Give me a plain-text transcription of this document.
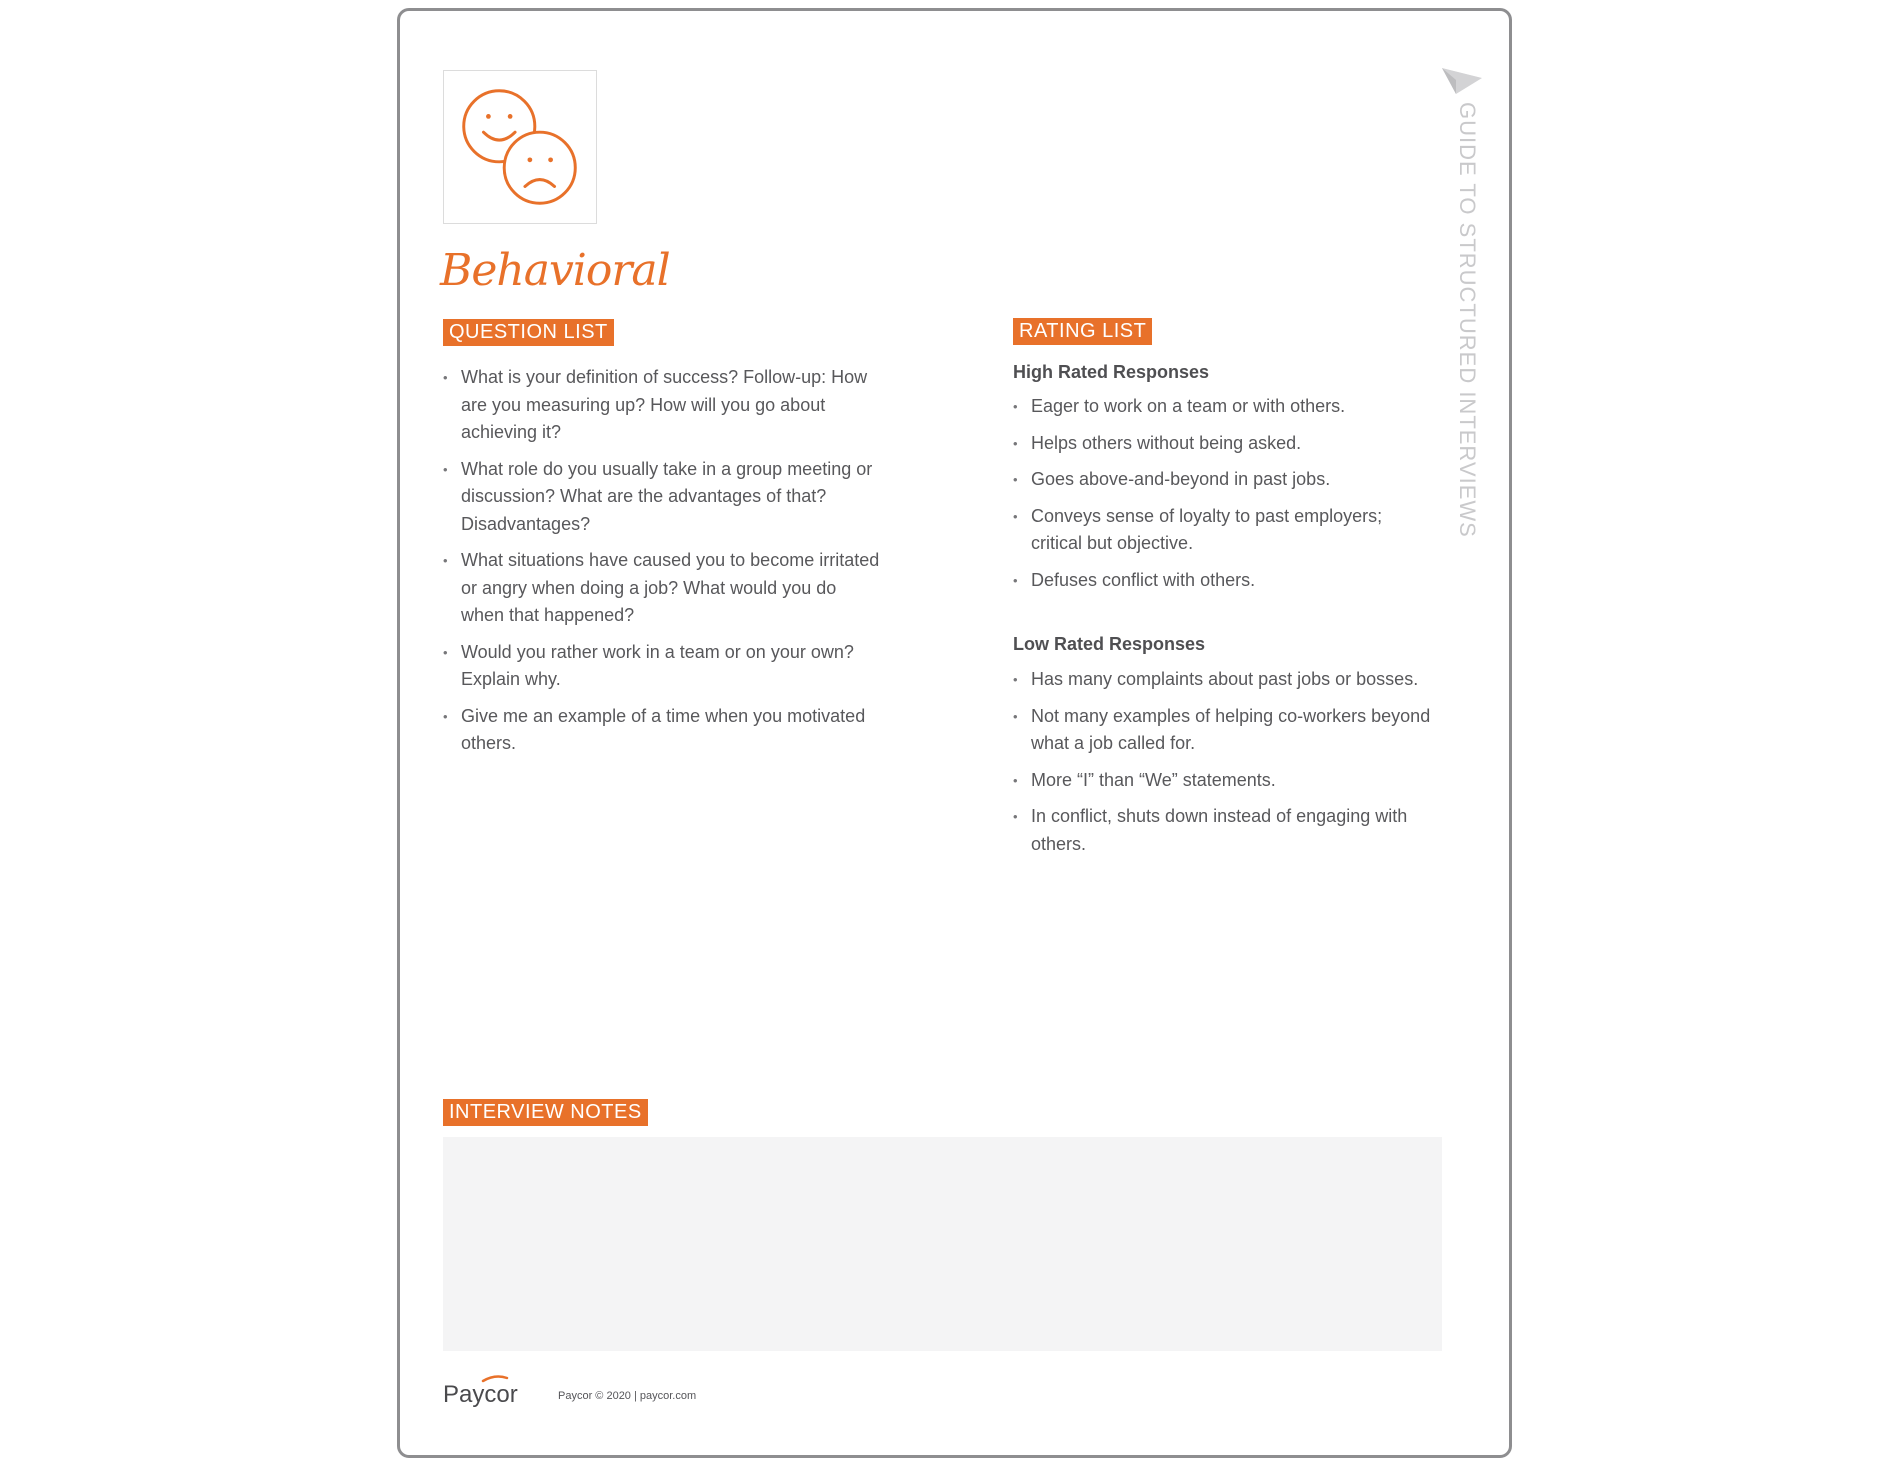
Behavioral	GUIDE TO STRUCTURED INTERVIEWS
QUESTION LIST
• What is your definition of success? Follow-up: How are you measuring up? How will you go about achieving it?
• What role do you usually take in a group meeting or discussion? What are the advantages of that? Disadvantages?
• What situations have caused you to become irritated or angry when doing a job? What would you do when that happened?
• Would you rather work in a team or on your own? Explain why.
• Give me an example of a time when you motivated others.
RATING LIST
High Rated Responses
• Eager to work on a team or with others.
• Helps others without being asked.
• Goes above-and-beyond in past jobs.
• Conveys sense of loyalty to past employers; critical but objective.
• Defuses conflict with others.
Low Rated Responses
• Has many complaints about past jobs or bosses.
• Not many examples of helping co-workers beyond what a job called for.
• More “I” than “We” statements.
• In conflict, shuts down instead of engaging with others.
INTERVIEW NOTES
Paycor	Paycor © 2020 | paycor.com
